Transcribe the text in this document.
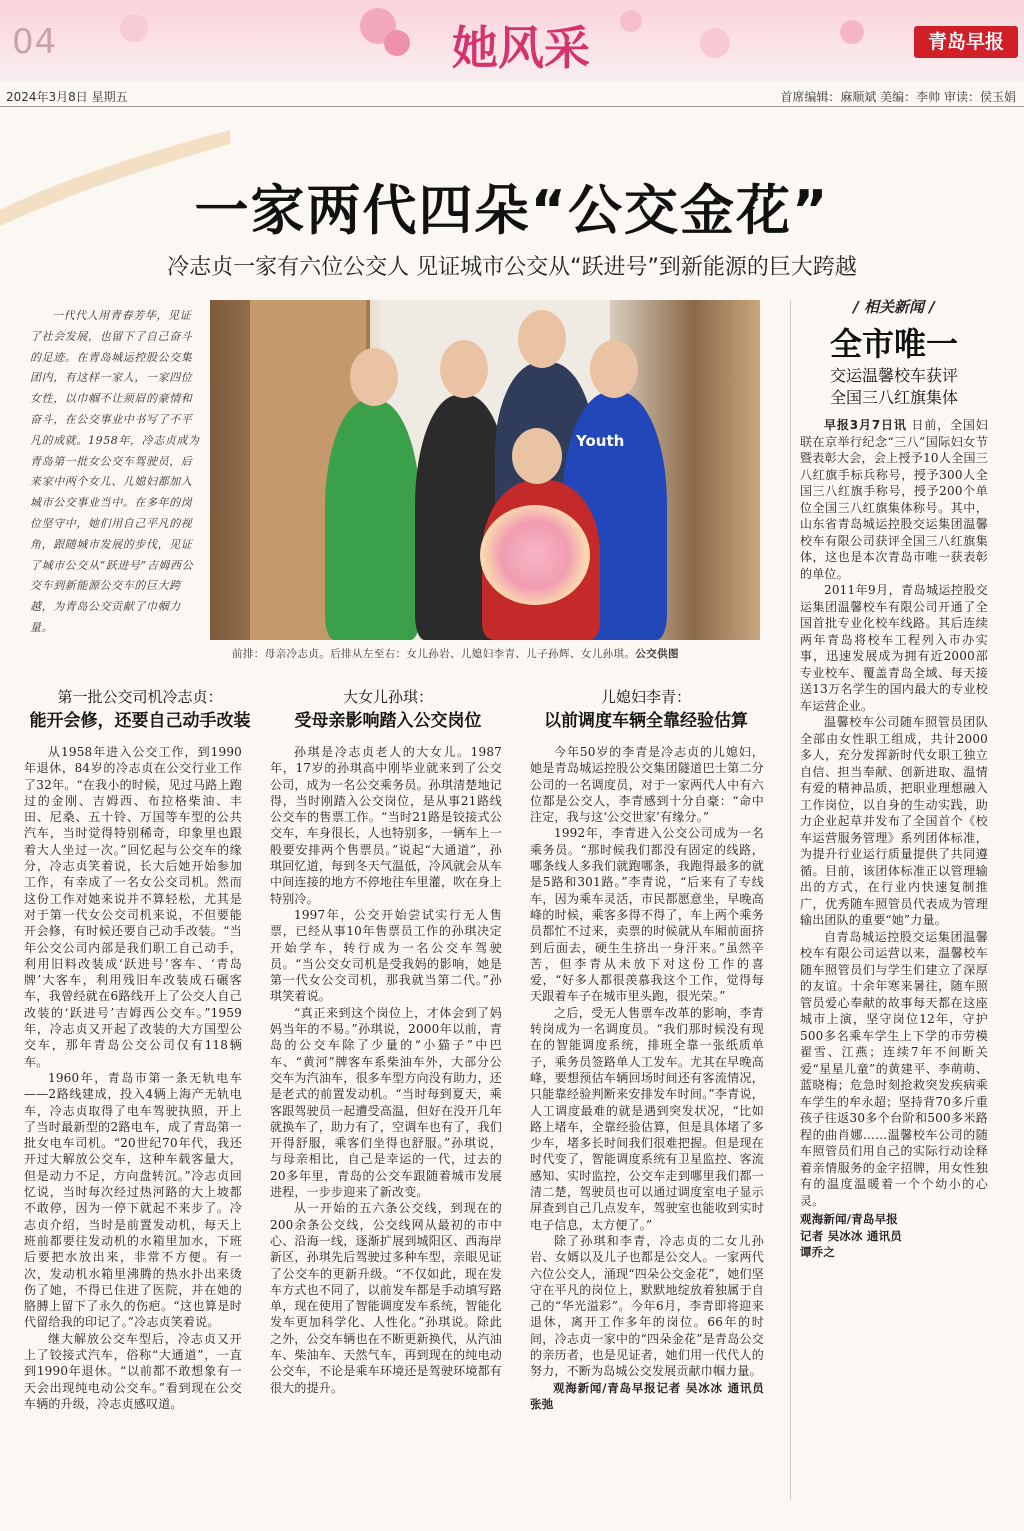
04	她风采	青岛早报
2024年3月8日 星期五	首席编辑：麻顺斌 美编：李帅 审读：侯玉娟
一家两代四朵“公交金花”
冷志贞一家有六位公交人 见证城市公交从“跃进号”到新能源的巨大跨越
一代代人用青春芳华，见证了社会发展，也留下了自己奋斗的足迹。在青岛城运控股公交集团内，有这样一家人，一家四位女性，以巾帼不让须眉的豪情和奋斗，在公交事业中书写了不平凡的成就。1958年，冷志贞成为青岛第一批女公交车驾驶员，后来家中两个女儿、儿媳妇都加入城市公交事业当中。在多年的岗位坚守中，她们用自己平凡的视角，跟随城市发展的步伐，见证了城市公交从“跃进号”吉姆西公交车到新能源公交车的巨大跨越，为青岛公交贡献了巾帼力量。
Youth
前排：母亲冷志贞。后排从左至右：女儿孙岩、儿媳妇李青、儿子孙辉、女儿孙琪。公交供图
第一批公交司机冷志贞：
能开会修，还要自己动手改装
大女儿孙琪：
受母亲影响踏入公交岗位
儿媳妇李青：
以前调度车辆全靠经验估算

从1958年进入公交工作，到1990年退休，84岁的冷志贞在公交行业工作了32年。“在我小的时候，见过马路上跑过的金刚、吉姆西、布拉格柴油、丰田、尼桑、五十铃、万国等车型的公共汽车，当时觉得特别稀奇，印象里也跟着大人坐过一次。”回忆起与公交车的缘分，冷志贞笑着说，长大后她开始参加工作，有幸成了一名女公交司机。然而这份工作对她来说并不算轻松，尤其是对于第一代女公交司机来说，不但要能开会修，有时候还要自己动手改装。“当年公交公司内部是我们职工自己动手，利用旧料改装成‘跃进号’客车、‘青岛牌’大客车，利用残旧车改装成石碾客车，我曾经就在6路线开上了公交人自己改装的‘跃进号’吉姆西公交车。”1959年，冷志贞又开起了改装的大方国型公交车，那年青岛公交公司仅有118辆车。

1960年，青岛市第一条无轨电车——2路线建成，投入4辆上海产无轨电车，冷志贞取得了电车驾驶执照，开上了当时最新型的2路电车，成了青岛第一批女电车司机。“20世纪70年代，我还开过大解放公交车，这种车载客量大，但是动力不足，方向盘转沉。”冷志贞回忆说，当时每次经过热河路的大上坡都不敢停，因为一停下就起不来步了。冷志贞介绍，当时是前置发动机，每天上班前都要往发动机的水箱里加水，下班后要把水放出来，非常不方便。有一次，发动机水箱里沸腾的热水扑出来烫伤了她，不得已住进了医院，并在她的胳膊上留下了永久的伤疤。“这也算是时代留给我的印记了。”冷志贞笑着说。

继大解放公交车型后，冷志贞又开上了铰接式汽车，俗称“大通道”，一直到1990年退休。“以前都不敢想象有一天会出现纯电动公交车。”看到现在公交车辆的升级，冷志贞感叹道。

孙琪是冷志贞老人的大女儿。1987年，17岁的孙琪高中刚毕业就来到了公交公司，成为一名公交乘务员。孙琪清楚地记得，当时刚踏入公交岗位，是从事21路线公交车的售票工作。“当时21路是铰接式公交车，车身很长，人也特别多，一辆车上一般要安排两个售票员。”说起“大通道”，孙琪回忆道，每到冬天气温低，冷风就会从车中间连接的地方不停地往车里灌，吹在身上特别冷。

1997年，公交开始尝试实行无人售票，已经从事10年售票员工作的孙琪决定开始学车，转行成为一名公交车驾驶员。“当公交女司机是受我妈的影响，她是第一代女公交司机，那我就当第二代。”孙琪笑着说。

“真正来到这个岗位上，才体会到了妈妈当年的不易。”孙琪说，2000年以前，青岛的公交车除了少量的“小猫子”中巴车、“黄河”牌客车系柴油车外，大部分公交车为汽油车，很多车型方向没有助力，还是老式的前置发动机。“当时每到夏天，乘客跟驾驶员一起遭受高温，但好在没开几年就换车了，助力有了，空调车也有了，我们开得舒服，乘客们坐得也舒服。”孙琪说，与母亲相比，自己是幸运的一代，过去的20多年里，青岛的公交车跟随着城市发展进程，一步步迎来了新改变。

从一开始的五六条公交线，到现在的200余条公交线，公交线网从最初的市中心、沿海一线，逐渐扩展到城阳区、西海岸新区，孙琪先后驾驶过多种车型，亲眼见证了公交车的更新升级。“不仅如此，现在发车方式也不同了，以前发车都是手动填写路单，现在使用了智能调度发车系统，智能化发车更加科学化、人性化。”孙琪说。除此之外，公交车辆也在不断更新换代，从汽油车、柴油车、天然气车，再到现在的纯电动公交车，不论是乘车环境还是驾驶环境都有很大的提升。

今年50岁的李青是冷志贞的儿媳妇，她是青岛城运控股公交集团隧道巴士第二分公司的一名调度员，对于一家两代人中有六位都是公交人，李青感到十分自豪：“命中注定，我与这‘公交世家’有缘分。”

1992年，李青进入公交公司成为一名乘务员。“那时候我们都没有固定的线路，哪条线人多我们就跑哪条，我跑得最多的就是5路和301路。”李青说，“后来有了专线车，因为乘车灵活，市民都愿意坐，早晚高峰的时候，乘客多得不得了，车上两个乘务员都忙不过来，卖票的时候就从车厢前面挤到后面去，硬生生挤出一身汗来。”虽然辛苦，但李青从未放下对这份工作的喜爱，“好多人都很羡慕我这个工作，觉得每天跟着车子在城市里头跑，很光荣。”

之后，受无人售票车改革的影响，李青转岗成为一名调度员。“我们那时候没有现在的智能调度系统，排班全靠一张纸质单子，乘务员签路单人工发车。尤其在早晚高峰，要想预估车辆回场时间还有客流情况，只能靠经验判断来安排发车时间。”李青说，人工调度最难的就是遇到突发状况，“比如路上堵车，全靠经验估算，但是具体堵了多少车，堵多长时间我们很难把握。但是现在时代变了，智能调度系统有卫星监控、客流感知、实时监控，公交车走到哪里我们都一清二楚，驾驶员也可以通过调度室电子显示屏查到自己几点发车，驾驶室也能收到实时电子信息，太方便了。”

除了孙琪和李青，冷志贞的二女儿孙岩、女婿以及儿子也都是公交人。一家两代六位公交人，涌现“四朵公交金花”，她们坚守在平凡的岗位上，默默地绽放着独属于自己的“华光溢彩”。今年6月，李青即将迎来退休，离开工作多年的岗位。66年的时间，冷志贞一家中的“四朵金花”是青岛公交的亲历者，也是见证者，她们用一代代人的努力，不断为岛城公交发展贡献巾帼力量。

观海新闻/青岛早报记者 吴冰冰 通讯员 张弛

/ 相关新闻 /
全市唯一
交运温馨校车获评
全国三八红旗集体

早报3月7日讯 日前，全国妇联在京举行纪念“三八”国际妇女节暨表彰大会，会上授予10人全国三八红旗手标兵称号，授予300人全国三八红旗手称号，授予200个单位全国三八红旗集体称号。其中，山东省青岛城运控股交运集团温馨校车有限公司获评全国三八红旗集体，这也是本次青岛市唯一获表彰的单位。

2011年9月，青岛城运控股交运集团温馨校车有限公司开通了全国首批专业化校车线路。其后连续两年青岛将校车工程列入市办实事，迅速发展成为拥有近2000部专业校车、覆盖青岛全域、每天接送13万名学生的国内最大的专业校车运营企业。

温馨校车公司随车照管员团队全部由女性职工组成，共计2000多人，充分发挥新时代女职工独立自信、担当奉献、创新进取、温情有爱的精神品质，把职业理想融入工作岗位，以自身的生动实践，助力企业起草并发布了全国首个《校车运营服务管理》系列团体标准，为提升行业运行质量提供了共同遵循。目前，该团体标准正以管理输出的方式，在行业内快速复制推广，优秀随车照管员代表成为管理输出团队的重要“她”力量。

自青岛城运控股交运集团温馨校车有限公司运营以来，温馨校车随车照管员们与学生们建立了深厚的友谊。十余年寒来暑往，随车照管员爱心奉献的故事每天都在这座城市上演，坚守岗位12年，守护500多名乘车学生上下学的市劳模翟雪、江燕；连续7年不间断关爱“星星儿童”的黄建平、李萌萌、蓝晓梅；危急时刻抢救突发疾病乘车学生的牟永超；坚持背70多斤重孩子往返30多个台阶和500多米路程的曲肖娜……温馨校车公司的随车照管员们用自己的实际行动诠释着亲情服务的金字招牌，用女性独有的温度温暖着一个个幼小的心灵。

观海新闻/青岛早报
记者 吴冰冰 通讯员
谭乔之
